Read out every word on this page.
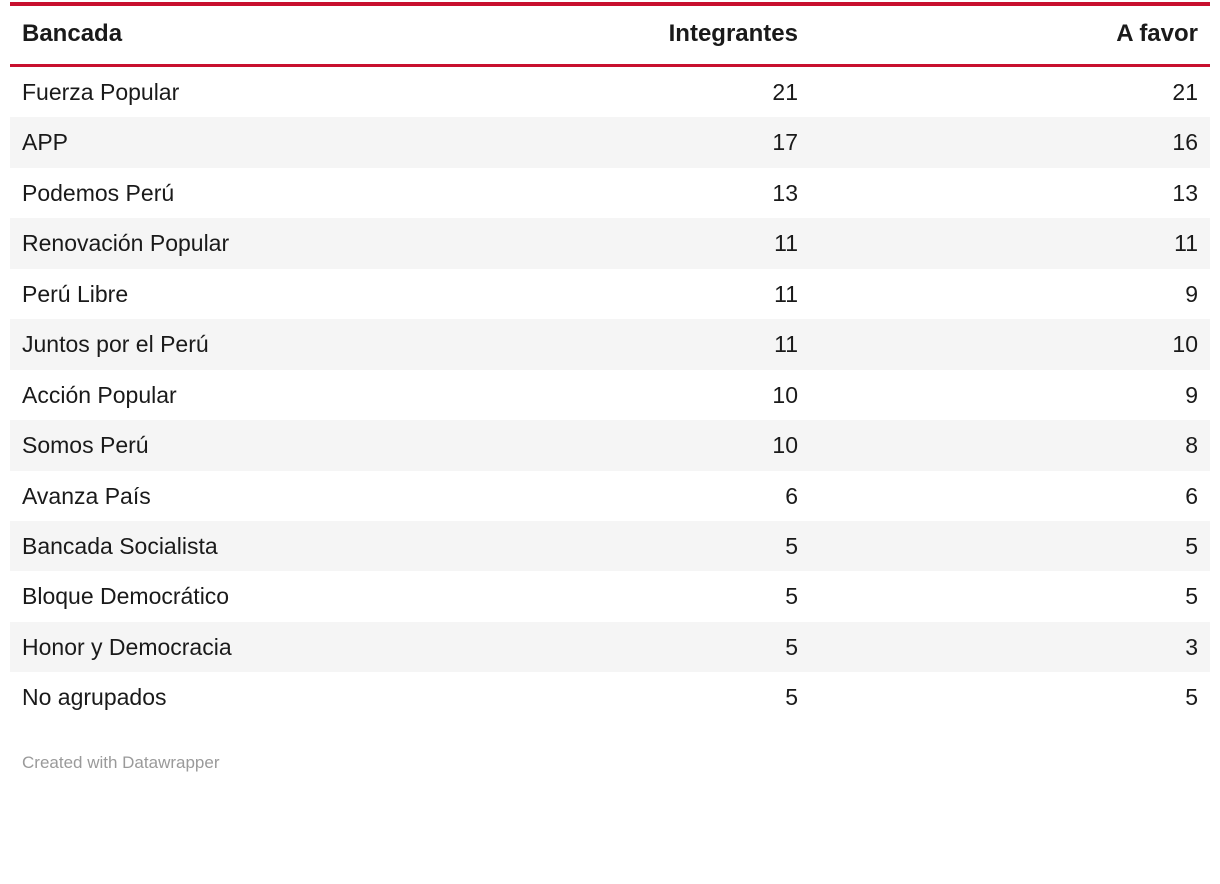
Bancada	Integrantes	A favor
Fuerza Popular	21	21
APP	17	16
Podemos Perú	13	13
Renovación Popular	11	11
Perú Libre	11	9
Juntos por el Perú	11	10
Acción Popular	10	9
Somos Perú	10	8
Avanza País	6	6
Bancada Socialista	5	5
Bloque Democrático	5	5
Honor y Democracia	5	3
No agrupados	5	5
Created with Datawrapper
